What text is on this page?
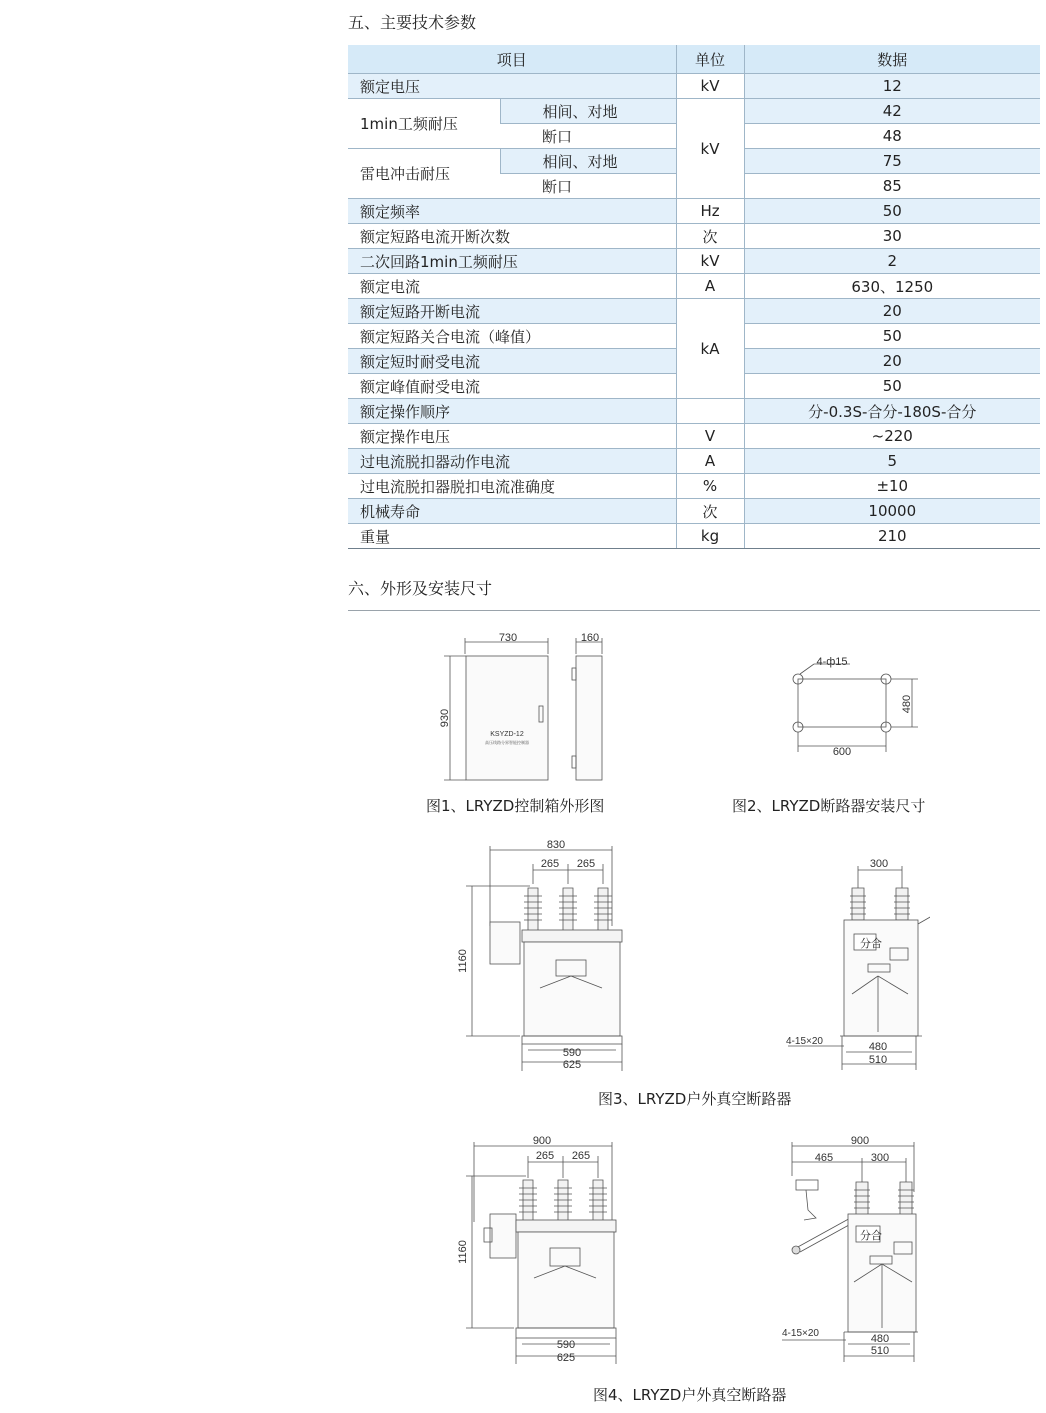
五、主要技术参数
项目		单位	数据
额定电压		kV	12
1min工频耐压	相间、对地	kV	42
	断口		48
雷电冲击耐压	相间、对地		75
	断口		85
额定频率		Hz	50
额定短路电流开断次数		次	30
二次回路1min工频耐压		kV	2
额定电流		A	630、1250
额定短路开断电流		kA	20
额定短路关合电流（峰值）			50
额定短时耐受电流			20
额定峰值耐受电流			50
额定操作顺序			分-0.3S-合分-180S-合分
额定操作电压		V	~220
过电流脱扣器动作电流		A	5
过电流脱扣器脱扣电流准确度		%	±10
机械寿命		次	10000
重量		kg	210
六、外形及安装尺寸
730	160
930
KSYZD-12
高压线路分界智能控制器
图1、LRYZD控制箱外形图
4-ф15
600
480
图2、LRYZD断路器安装尺寸
830
265 265
1160
590
625
300
分 合
4-15×20	480
510
图3、LRYZD户外真空断路器
900
265 265
1160
590
625
900
465	300
分 合
4-15×20	480
510
图4、LRYZD户外真空断路器
